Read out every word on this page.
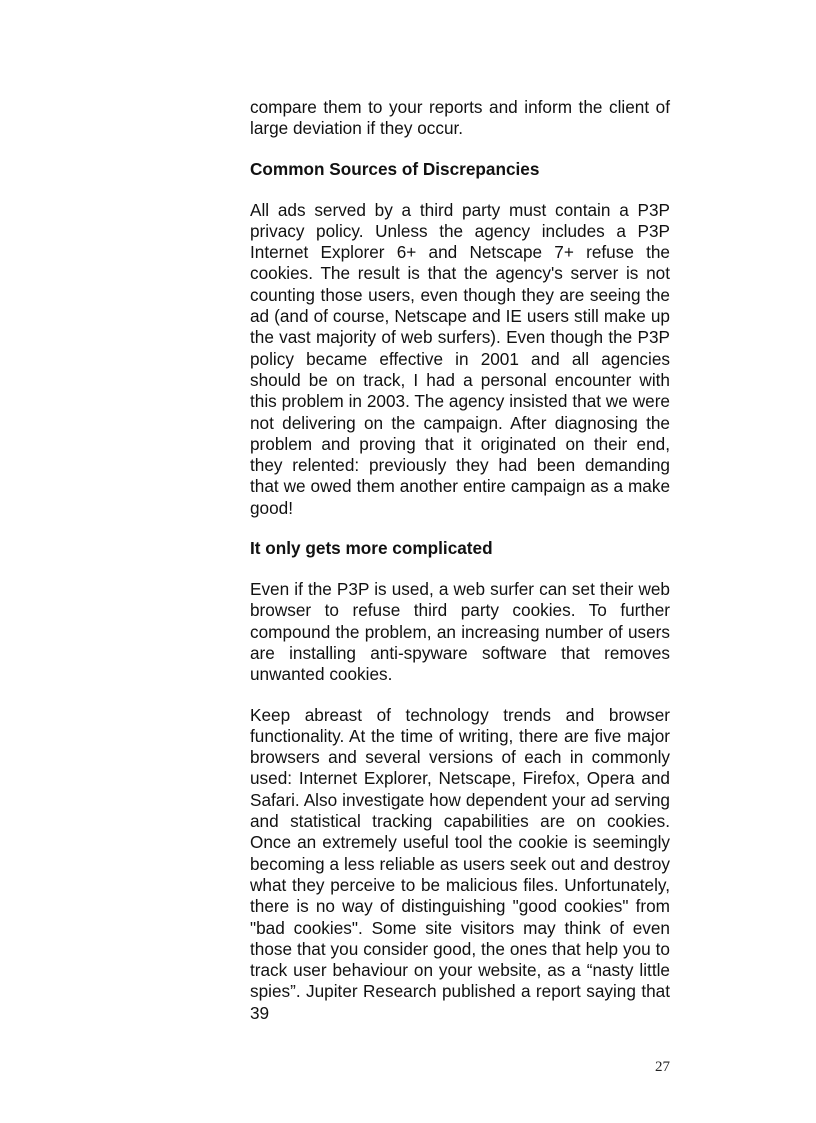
compare them to your reports and inform the client of large deviation if they occur.

Common Sources of Discrepancies

All ads served by a third party must contain a P3P privacy policy. Unless the agency includes a P3P Internet Explorer 6+ and Netscape 7+ refuse the cookies. The result is that the agency's server is not counting those users, even though they are seeing the ad (and of course, Netscape and IE users still make up the vast majority of web surfers). Even though the P3P policy became effective in 2001 and all agencies should be on track, I had a personal encounter with this problem in 2003. The agency insisted that we were not delivering on the campaign. After diagnosing the problem and proving that it originated on their end, they relented: previously they had been demanding that we owed them another entire campaign as a make good!

It only gets more complicated

Even if the P3P is used, a web surfer can set their web browser to refuse third party cookies. To further compound the problem, an increasing number of users are installing anti-spyware software that removes unwanted cookies.

Keep abreast of technology trends and browser functionality. At the time of writing, there are five major browsers and several versions of each in commonly used: Internet Explorer, Netscape, Firefox, Opera and Safari. Also investigate how dependent your ad serving and statistical tracking capabilities are on cookies. Once an extremely useful tool the cookie is seemingly becoming a less reliable as users seek out and destroy what they perceive to be malicious files. Unfortunately, there is no way of distinguishing "good cookies" from "bad cookies". Some site visitors may think of even those that you consider good, the ones that help you to track user behaviour on your website, as a “nasty little spies”. Jupiter Research published a report saying that 39

27
